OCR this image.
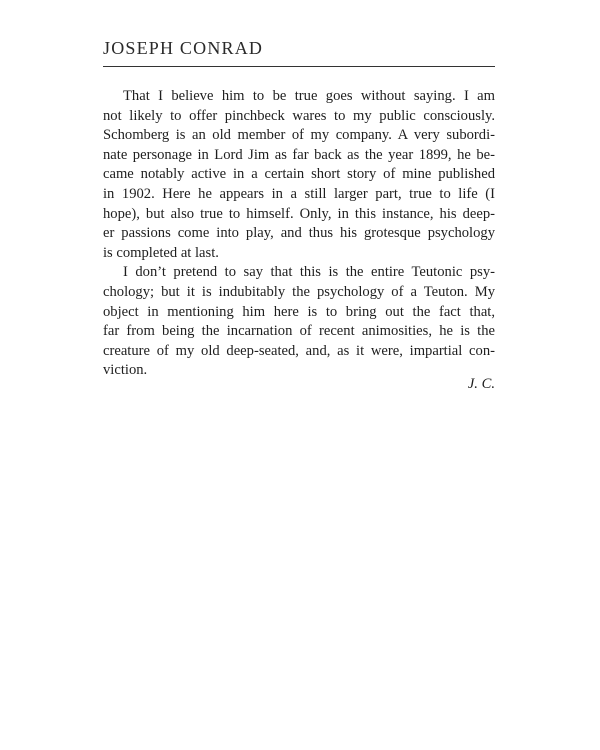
JOSEPH CONRAD
That I believe him to be true goes without saying. I am
not likely to offer pinchbeck wares to my public consciously.
Schomberg is an old member of my company. A very subordi-
nate personage in Lord Jim as far back as the year 1899, he be-
came notably active in a certain short story of mine published
in 1902. Here he appears in a still larger part, true to life (I
hope), but also true to himself. Only, in this instance, his deep-
er passions come into play, and thus his grotesque psychology
is completed at last.
I don’t pretend to say that this is the entire Teutonic psy-
chology; but it is indubitably the psychology of a Teuton. My
object in mentioning him here is to bring out the fact that,
far from being the incarnation of recent animosities, he is the
creature of my old deep-seated, and, as it were, impartial con-
viction.
J. C.
